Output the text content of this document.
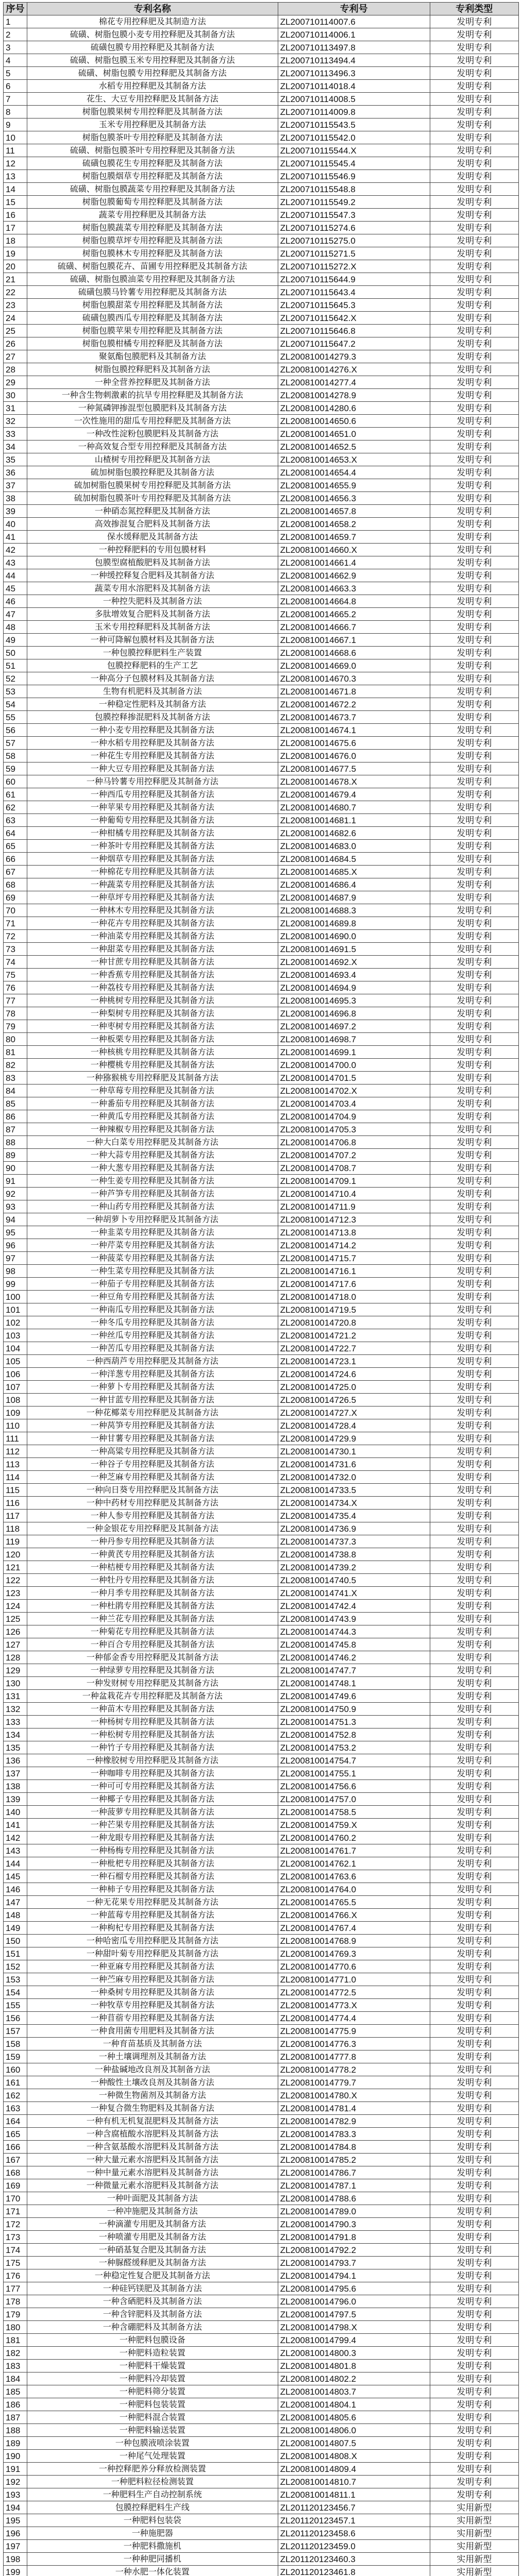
序号	专利名称	专利号	专利类型
1	棉花专用控释肥及其制造方法	ZL200710114007.6	发明专利
2	硫磺、树脂包膜小麦专用控释肥及其制备方法	ZL200710114006.1	发明专利
3	硫磺包膜专用控释肥及其制备方法	ZL200710113497.8	发明专利
4	硫磺、树脂包膜玉米专用控释肥及其制备方法	ZL200710113494.4	发明专利
5	硫磺、树脂包膜专用控释肥及其制备方法	ZL200710113496.3	发明专利
6	水稻专用控释肥及其制备方法	ZL200710114018.4	发明专利
7	花生、大豆专用控释肥及其制备方法	ZL200710114008.5	发明专利
8	树脂包膜果树专用控释肥及其制备方法	ZL200710114009.8	发明专利
9	玉米专用控释肥及其制备方法	ZL200710115543.5	发明专利
10	树脂包膜茶叶专用控释肥及其制备方法	ZL200710115542.0	发明专利
11	硫磺、树脂包膜茶叶专用控释肥及其制备方法	ZL200710115544.X	发明专利
12	硫磺包膜花生专用控释肥及其制备方法	ZL200710115545.4	发明专利
13	树脂包膜烟草专用控释肥及其制备方法	ZL200710115546.9	发明专利
14	硫磺、树脂包膜蔬菜专用控释肥及其制备方法	ZL200710115548.8	发明专利
15	树脂包膜葡萄专用控释肥及其制备方法	ZL200710115549.2	发明专利
16	蔬菜专用控释肥及其制备方法	ZL200710115547.3	发明专利
17	树脂包膜蔬菜专用控释肥及其制备方法	ZL200710115274.6	发明专利
18	树脂包膜草坪专用控释肥及其制备方法	ZL200710115275.0	发明专利
19	树脂包膜林木专用控释肥及其制备方法	ZL200710115271.5	发明专利
20	硫磺、树脂包膜花卉、苗圃专用控释肥及其制备方法	ZL200710115272.X	发明专利
21	硫磺、树脂包膜油菜专用控释肥及其制备方法	ZL200710115644.9	发明专利
22	硫磺包膜马铃薯专用控释肥及其制备方法	ZL200710115643.4	发明专利
23	树脂包膜甜菜专用控释肥及其制备方法	ZL200710115645.3	发明专利
24	硫磺包膜西瓜专用控释肥及其制备方法	ZL200710115642.X	发明专利
25	树脂包膜苹果专用控释肥及其制备方法	ZL200710115646.8	发明专利
26	树脂包膜柑橘专用控释肥及其制备方法	ZL200710115647.2	发明专利
27	聚氨酯包膜肥料及其制备方法	ZL200810014279.3	发明专利
28	树脂包膜控释肥料及其制备方法	ZL200810014276.X	发明专利
29	一种全营养控释肥及其制备方法	ZL200810014277.4	发明专利
30	一种含生物刺激素的抗旱专用控释肥及其制备方法	ZL200810014278.9	发明专利
31	一种氮磷钾掺混型包膜肥料及其制备方法	ZL200810014280.6	发明专利
32	一次性施用的甜瓜专用控释肥及其制备方法	ZL200810014650.6	发明专利
33	一种改性淀粉包膜肥料及其制备方法	ZL200810014651.0	发明专利
34	一种高效复合型专用控释肥及其制备方法	ZL200810014652.5	发明专利
35	山楂树专用控释肥及其制备方法	ZL200810014653.X	发明专利
36	硫加树脂包膜控释肥及其制备方法	ZL200810014654.4	发明专利
37	硫加树脂包膜果树专用控释肥及其制备方法	ZL200810014655.9	发明专利
38	硫加树脂包膜茶叶专用控释肥及其制备方法	ZL200810014656.3	发明专利
39	一种硝态氮控释肥及其制备方法	ZL200810014657.8	发明专利
40	高效掺混复合肥料及其制备方法	ZL200810014658.2	发明专利
41	保水缓释肥及其制备方法	ZL200810014659.7	发明专利
42	一种控释肥料的专用包膜材料	ZL200810014660.X	发明专利
43	包膜型腐植酸肥料及其制备方法	ZL200810014661.4	发明专利
44	一种缓控释复合肥料及其制备方法	ZL200810014662.9	发明专利
45	蔬菜专用水溶肥料及其制备方法	ZL200810014663.3	发明专利
46	一种控失肥料及其制备方法	ZL200810014664.8	发明专利
47	多肽增效复合肥料及其制备方法	ZL200810014665.2	发明专利
48	玉米专用控释肥料及其制备方法	ZL200810014666.7	发明专利
49	一种可降解包膜材料及其制备方法	ZL200810014667.1	发明专利
50	一种包膜控释肥料生产装置	ZL200810014668.6	发明专利
51	包膜控释肥料的生产工艺	ZL200810014669.0	发明专利
52	一种高分子包膜材料及其制备方法	ZL200810014670.3	发明专利
53	生物有机肥料及其制备方法	ZL200810014671.8	发明专利
54	一种稳定性肥料及其制备方法	ZL200810014672.2	发明专利
55	包膜控释掺混肥料及其制备方法	ZL200810014673.7	发明专利
56	一种小麦专用控释肥及其制备方法	ZL200810014674.1	发明专利
57	一种水稻专用控释肥及其制备方法	ZL200810014675.6	发明专利
58	一种花生专用控释肥及其制备方法	ZL200810014676.0	发明专利
59	一种大豆专用控释肥及其制备方法	ZL200810014677.5	发明专利
60	一种马铃薯专用控释肥及其制备方法	ZL200810014678.X	发明专利
61	一种西瓜专用控释肥及其制备方法	ZL200810014679.4	发明专利
62	一种苹果专用控释肥及其制备方法	ZL200810014680.7	发明专利
63	一种葡萄专用控释肥及其制备方法	ZL200810014681.1	发明专利
64	一种柑橘专用控释肥及其制备方法	ZL200810014682.6	发明专利
65	一种茶叶专用控释肥及其制备方法	ZL200810014683.0	发明专利
66	一种烟草专用控释肥及其制备方法	ZL200810014684.5	发明专利
67	一种棉花专用控释肥及其制备方法	ZL200810014685.X	发明专利
68	一种蔬菜专用控释肥及其制备方法	ZL200810014686.4	发明专利
69	一种草坪专用控释肥及其制备方法	ZL200810014687.9	发明专利
70	一种林木专用控释肥及其制备方法	ZL200810014688.3	发明专利
71	一种花卉专用控释肥及其制备方法	ZL200810014689.8	发明专利
72	一种油菜专用控释肥及其制备方法	ZL200810014690.0	发明专利
73	一种甜菜专用控释肥及其制备方法	ZL200810014691.5	发明专利
74	一种甘蔗专用控释肥及其制备方法	ZL200810014692.X	发明专利
75	一种香蕉专用控释肥及其制备方法	ZL200810014693.4	发明专利
76	一种荔枝专用控释肥及其制备方法	ZL200810014694.9	发明专利
77	一种桃树专用控释肥及其制备方法	ZL200810014695.3	发明专利
78	一种梨树专用控释肥及其制备方法	ZL200810014696.8	发明专利
79	一种枣树专用控释肥及其制备方法	ZL200810014697.2	发明专利
80	一种板栗专用控释肥及其制备方法	ZL200810014698.7	发明专利
81	一种核桃专用控释肥及其制备方法	ZL200810014699.1	发明专利
82	一种樱桃专用控释肥及其制备方法	ZL200810014700.0	发明专利
83	一种猕猴桃专用控释肥及其制备方法	ZL200810014701.5	发明专利
84	一种草莓专用控释肥及其制备方法	ZL200810014702.X	发明专利
85	一种番茄专用控释肥及其制备方法	ZL200810014703.4	发明专利
86	一种黄瓜专用控释肥及其制备方法	ZL200810014704.9	发明专利
87	一种辣椒专用控释肥及其制备方法	ZL200810014705.3	发明专利
88	一种大白菜专用控释肥及其制备方法	ZL200810014706.8	发明专利
89	一种大蒜专用控释肥及其制备方法	ZL200810014707.2	发明专利
90	一种大葱专用控释肥及其制备方法	ZL200810014708.7	发明专利
91	一种生姜专用控释肥及其制备方法	ZL200810014709.1	发明专利
92	一种芦笋专用控释肥及其制备方法	ZL200810014710.4	发明专利
93	一种山药专用控释肥及其制备方法	ZL200810014711.9	发明专利
94	一种胡萝卜专用控释肥及其制备方法	ZL200810014712.3	发明专利
95	一种韭菜专用控释肥及其制备方法	ZL200810014713.8	发明专利
96	一种芹菜专用控释肥及其制备方法	ZL200810014714.2	发明专利
97	一种菠菜专用控释肥及其制备方法	ZL200810014715.7	发明专利
98	一种生菜专用控释肥及其制备方法	ZL200810014716.1	发明专利
99	一种茄子专用控释肥及其制备方法	ZL200810014717.6	发明专利
100	一种豆角专用控释肥及其制备方法	ZL200810014718.0	发明专利
101	一种南瓜专用控释肥及其制备方法	ZL200810014719.5	发明专利
102	一种冬瓜专用控释肥及其制备方法	ZL200810014720.8	发明专利
103	一种丝瓜专用控释肥及其制备方法	ZL200810014721.2	发明专利
104	一种苦瓜专用控释肥及其制备方法	ZL200810014722.7	发明专利
105	一种西葫芦专用控释肥及其制备方法	ZL200810014723.1	发明专利
106	一种洋葱专用控释肥及其制备方法	ZL200810014724.6	发明专利
107	一种萝卜专用控释肥及其制备方法	ZL200810014725.0	发明专利
108	一种甘蓝专用控释肥及其制备方法	ZL200810014726.5	发明专利
109	一种花椰菜专用控释肥及其制备方法	ZL200810014727.X	发明专利
110	一种莴笋专用控释肥及其制备方法	ZL200810014728.4	发明专利
111	一种甘薯专用控释肥及其制备方法	ZL200810014729.9	发明专利
112	一种高粱专用控释肥及其制备方法	ZL200810014730.1	发明专利
113	一种谷子专用控释肥及其制备方法	ZL200810014731.6	发明专利
114	一种芝麻专用控释肥及其制备方法	ZL200810014732.0	发明专利
115	一种向日葵专用控释肥及其制备方法	ZL200810014733.5	发明专利
116	一种中药材专用控释肥及其制备方法	ZL200810014734.X	发明专利
117	一种人参专用控释肥及其制备方法	ZL200810014735.4	发明专利
118	一种金银花专用控释肥及其制备方法	ZL200810014736.9	发明专利
119	一种丹参专用控释肥及其制备方法	ZL200810014737.3	发明专利
120	一种黄芪专用控释肥及其制备方法	ZL200810014738.8	发明专利
121	一种桔梗专用控释肥及其制备方法	ZL200810014739.2	发明专利
122	一种牡丹专用控释肥及其制备方法	ZL200810014740.5	发明专利
123	一种月季专用控释肥及其制备方法	ZL200810014741.X	发明专利
124	一种杜鹃专用控释肥及其制备方法	ZL200810014742.4	发明专利
125	一种兰花专用控释肥及其制备方法	ZL200810014743.9	发明专利
126	一种菊花专用控释肥及其制备方法	ZL200810014744.3	发明专利
127	一种百合专用控释肥及其制备方法	ZL200810014745.8	发明专利
128	一种郁金香专用控释肥及其制备方法	ZL200810014746.2	发明专利
129	一种绿萝专用控释肥及其制备方法	ZL200810014747.7	发明专利
130	一种发财树专用控释肥及其制备方法	ZL200810014748.1	发明专利
131	一种盆栽花卉专用控释肥及其制备方法	ZL200810014749.6	发明专利
132	一种苗木专用控释肥及其制备方法	ZL200810014750.9	发明专利
133	一种杨树专用控释肥及其制备方法	ZL200810014751.3	发明专利
134	一种松树专用控释肥及其制备方法	ZL200810014752.8	发明专利
135	一种竹子专用控释肥及其制备方法	ZL200810014753.2	发明专利
136	一种橡胶树专用控释肥及其制备方法	ZL200810014754.7	发明专利
137	一种咖啡专用控释肥及其制备方法	ZL200810014755.1	发明专利
138	一种可可专用控释肥及其制备方法	ZL200810014756.6	发明专利
139	一种椰子专用控释肥及其制备方法	ZL200810014757.0	发明专利
140	一种菠萝专用控释肥及其制备方法	ZL200810014758.5	发明专利
141	一种芒果专用控释肥及其制备方法	ZL200810014759.X	发明专利
142	一种龙眼专用控释肥及其制备方法	ZL200810014760.2	发明专利
143	一种杨梅专用控释肥及其制备方法	ZL200810014761.7	发明专利
144	一种枇杷专用控释肥及其制备方法	ZL200810014762.1	发明专利
145	一种石榴专用控释肥及其制备方法	ZL200810014763.6	发明专利
146	一种柿子专用控释肥及其制备方法	ZL200810014764.0	发明专利
147	一种无花果专用控释肥及其制备方法	ZL200810014765.5	发明专利
148	一种蓝莓专用控释肥及其制备方法	ZL200810014766.X	发明专利
149	一种枸杞专用控释肥及其制备方法	ZL200810014767.4	发明专利
150	一种哈密瓜专用控释肥及其制备方法	ZL200810014768.9	发明专利
151	一种甜叶菊专用控释肥及其制备方法	ZL200810014769.3	发明专利
152	一种亚麻专用控释肥及其制备方法	ZL200810014770.6	发明专利
153	一种苎麻专用控释肥及其制备方法	ZL200810014771.0	发明专利
154	一种桑树专用控释肥及其制备方法	ZL200810014772.5	发明专利
155	一种牧草专用控释肥及其制备方法	ZL200810014773.X	发明专利
156	一种苜蓿专用控释肥及其制备方法	ZL200810014774.4	发明专利
157	一种食用菌专用肥料及其制备方法	ZL200810014775.9	发明专利
158	一种育苗基质及其制备方法	ZL200810014776.3	发明专利
159	一种土壤调理剂及其制备方法	ZL200810014777.8	发明专利
160	一种盐碱地改良剂及其制备方法	ZL200810014778.2	发明专利
161	一种酸性土壤改良剂及其制备方法	ZL200810014779.7	发明专利
162	一种微生物菌剂及其制备方法	ZL200810014780.X	发明专利
163	一种复合微生物肥料及其制备方法	ZL200810014781.4	发明专利
164	一种有机无机复混肥料及其制备方法	ZL200810014782.9	发明专利
165	一种含腐植酸水溶肥料及其制备方法	ZL200810014783.3	发明专利
166	一种含氨基酸水溶肥料及其制备方法	ZL200810014784.8	发明专利
167	一种大量元素水溶肥料及其制备方法	ZL200810014785.2	发明专利
168	一种中量元素水溶肥料及其制备方法	ZL200810014786.7	发明专利
169	一种微量元素水溶肥料及其制备方法	ZL200810014787.1	发明专利
170	一种叶面肥及其制备方法	ZL200810014788.6	发明专利
171	一种冲施肥及其制备方法	ZL200810014789.0	发明专利
172	一种滴灌专用肥及其制备方法	ZL200810014790.3	发明专利
173	一种喷灌专用肥及其制备方法	ZL200810014791.8	发明专利
174	一种硝基复合肥及其制备方法	ZL200810014792.2	发明专利
175	一种脲醛缓释肥及其制备方法	ZL200810014793.7	发明专利
176	一种稳定性复合肥及其制备方法	ZL200810014794.1	发明专利
177	一种硅钙镁肥及其制备方法	ZL200810014795.6	发明专利
178	一种含硒肥料及其制备方法	ZL200810014796.0	发明专利
179	一种含锌肥料及其制备方法	ZL200810014797.5	发明专利
180	一种含硼肥料及其制备方法	ZL200810014798.X	发明专利
181	一种肥料包膜设备	ZL200810014799.4	发明专利
182	一种肥料造粒装置	ZL200810014800.3	发明专利
183	一种肥料干燥装置	ZL200810014801.8	发明专利
184	一种肥料冷却装置	ZL200810014802.2	发明专利
185	一种肥料筛分装置	ZL200810014803.7	发明专利
186	一种肥料包装装置	ZL200810014804.1	发明专利
187	一种肥料混合装置	ZL200810014805.6	发明专利
188	一种肥料输送装置	ZL200810014806.0	发明专利
189	一种包膜液喷涂装置	ZL200810014807.5	发明专利
190	一种尾气处理装置	ZL200810014808.X	发明专利
191	一种控释肥养分释放检测装置	ZL200810014809.4	发明专利
192	一种肥料粒径检测装置	ZL200810014810.7	发明专利
193	一种肥料生产自动控制系统	ZL200810014811.1	发明专利
194	包膜控释肥料生产线	ZL201120123456.7	实用新型
195	一种肥料包装袋	ZL201120123457.1	实用新型
196	一种施肥器	ZL201120123458.6	实用新型
197	一种肥料撒施机	ZL201120123459.0	实用新型
198	一种种肥同播机	ZL201120123460.3	实用新型
199	一种水肥一体化装置	ZL201120123461.8	实用新型
